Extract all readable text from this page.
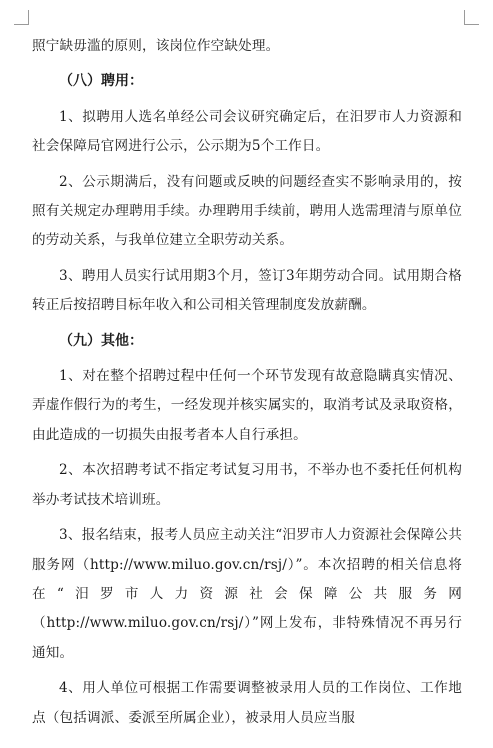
照宁缺毋滥的原则，该岗位作空缺处理。

（八）聘用：

1、拟聘用人选名单经公司会议研究确定后，在汨罗市人力资源和社会保障局官网进行公示，公示期为5个工作日。

2、公示期满后，没有问题或反映的问题经查实不影响录用的，按照有关规定办理聘用手续。办理聘用手续前，聘用人选需理清与原单位的劳动关系，与我单位建立全职劳动关系。

3、聘用人员实行试用期3个月，签订3年期劳动合同。试用期合格转正后按招聘目标年收入和公司相关管理制度发放薪酬。

（九）其他：

1、对在整个招聘过程中任何一个环节发现有故意隐瞒真实情况、弄虚作假行为的考生，一经发现并核实属实的，取消考试及录取资格，由此造成的一切损失由报考者本人自行承担。

2、本次招聘考试不指定考试复习用书，不举办也不委托任何机构举办考试技术培训班。

3、报名结束，报考人员应主动关注“汨罗市人力资源社会保障公共服务网（http://www.miluo.gov.cn/rsj/）”。本次招聘的相关信息将在“汨罗市人力资源社会保障公共服务网（http://www.miluo.gov.cn/rsj/）”网上发布，非特殊情况不再另行通知。

4、用人单位可根据工作需要调整被录用人员的工作岗位、工作地点（包括调派、委派至所属企业），被录用人员应当服
